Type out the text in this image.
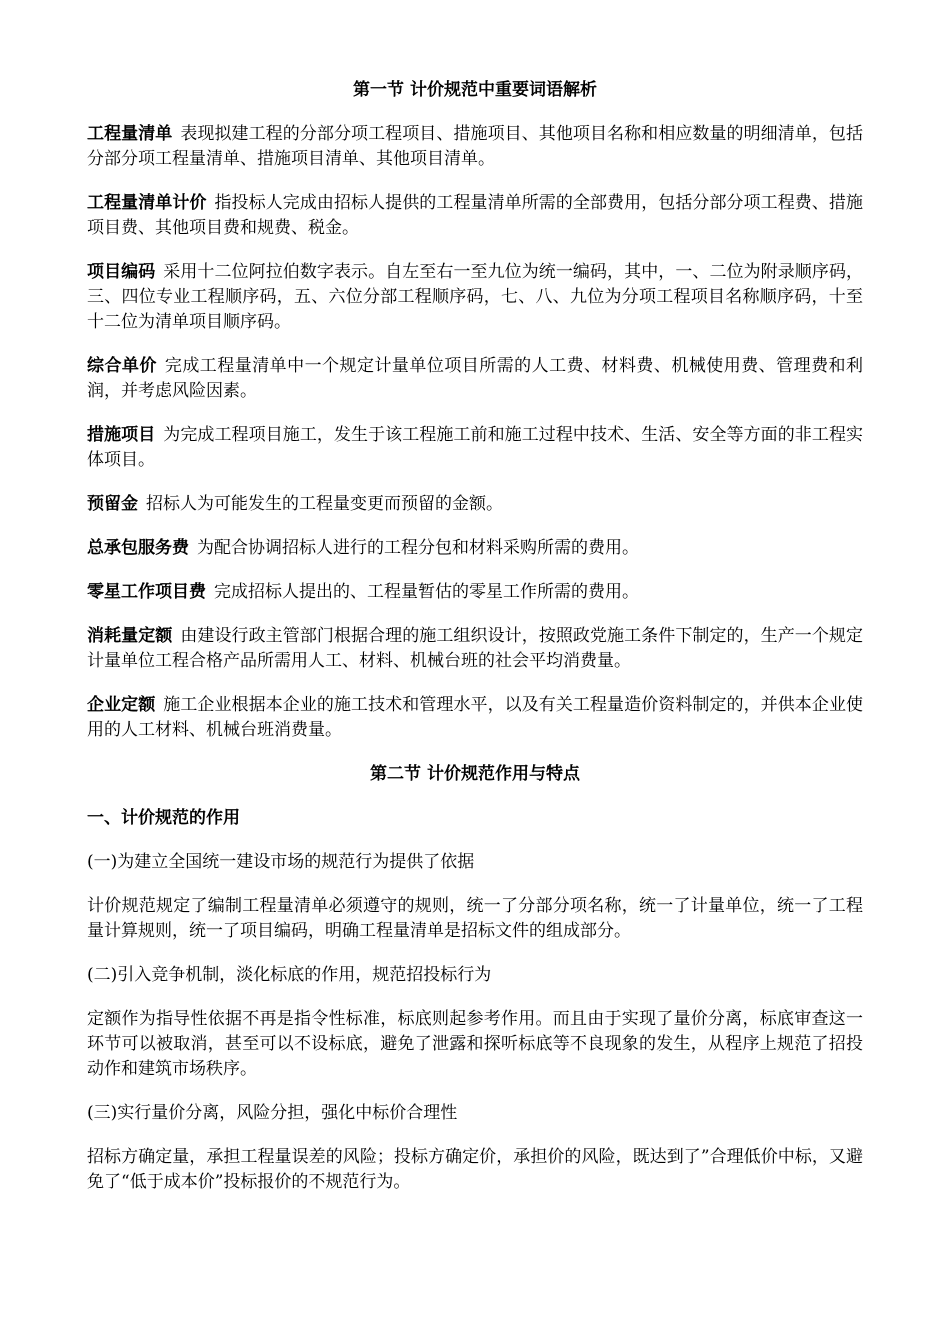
第一节 计价规范中重要词语解析
工程量清单 表现拟建工程的分部分项工程项目、措施项目、其他项目名称和相应数量的明细清单，包括分部分项工程量清单、措施项目清单、其他项目清单。
工程量清单计价 指投标人完成由招标人提供的工程量清单所需的全部费用，包括分部分项工程费、措施项目费、其他项目费和规费、税金。
项目编码 采用十二位阿拉伯数字表示。自左至右一至九位为统一编码，其中，一、二位为附录顺序码，三、四位专业工程顺序码，五、六位分部工程顺序码，七、八、九位为分项工程项目名称顺序码，十至十二位为清单项目顺序码。
综合单价 完成工程量清单中一个规定计量单位项目所需的人工费、材料费、机械使用费、管理费和利润，并考虑风险因素。
措施项目 为完成工程项目施工，发生于该工程施工前和施工过程中技术、生活、安全等方面的非工程实体项目。
预留金 招标人为可能发生的工程量变更而预留的金额。
总承包服务费 为配合协调招标人进行的工程分包和材料采购所需的费用。
零星工作项目费 完成招标人提出的、工程量暂估的零星工作所需的费用。
消耗量定额 由建设行政主管部门根据合理的施工组织设计，按照政党施工条件下制定的，生产一个规定计量单位工程合格产品所需用人工、材料、机械台班的社会平均消费量。
企业定额 施工企业根据本企业的施工技术和管理水平，以及有关工程量造价资料制定的，并供本企业使用的人工材料、机械台班消费量。
第二节 计价规范作用与特点
一、计价规范的作用
(一)为建立全国统一建设市场的规范行为提供了依据
计价规范规定了编制工程量清单必须遵守的规则，统一了分部分项名称，统一了计量单位，统一了工程量计算规则，统一了项目编码，明确工程量清单是招标文件的组成部分。
(二)引入竞争机制，淡化标底的作用，规范招投标行为
定额作为指导性依据不再是指令性标准，标底则起参考作用。而且由于实现了量价分离，标底审查这一环节可以被取消，甚至可以不设标底，避免了泄露和探听标底等不良现象的发生，从程序上规范了招投动作和建筑市场秩序。
(三)实行量价分离，风险分担，强化中标价合理性
招标方确定量，承担工程量误差的风险；投标方确定价，承担价的风险，既达到了”合理低价中标，又避免了“低于成本价”投标报价的不规范行为。
